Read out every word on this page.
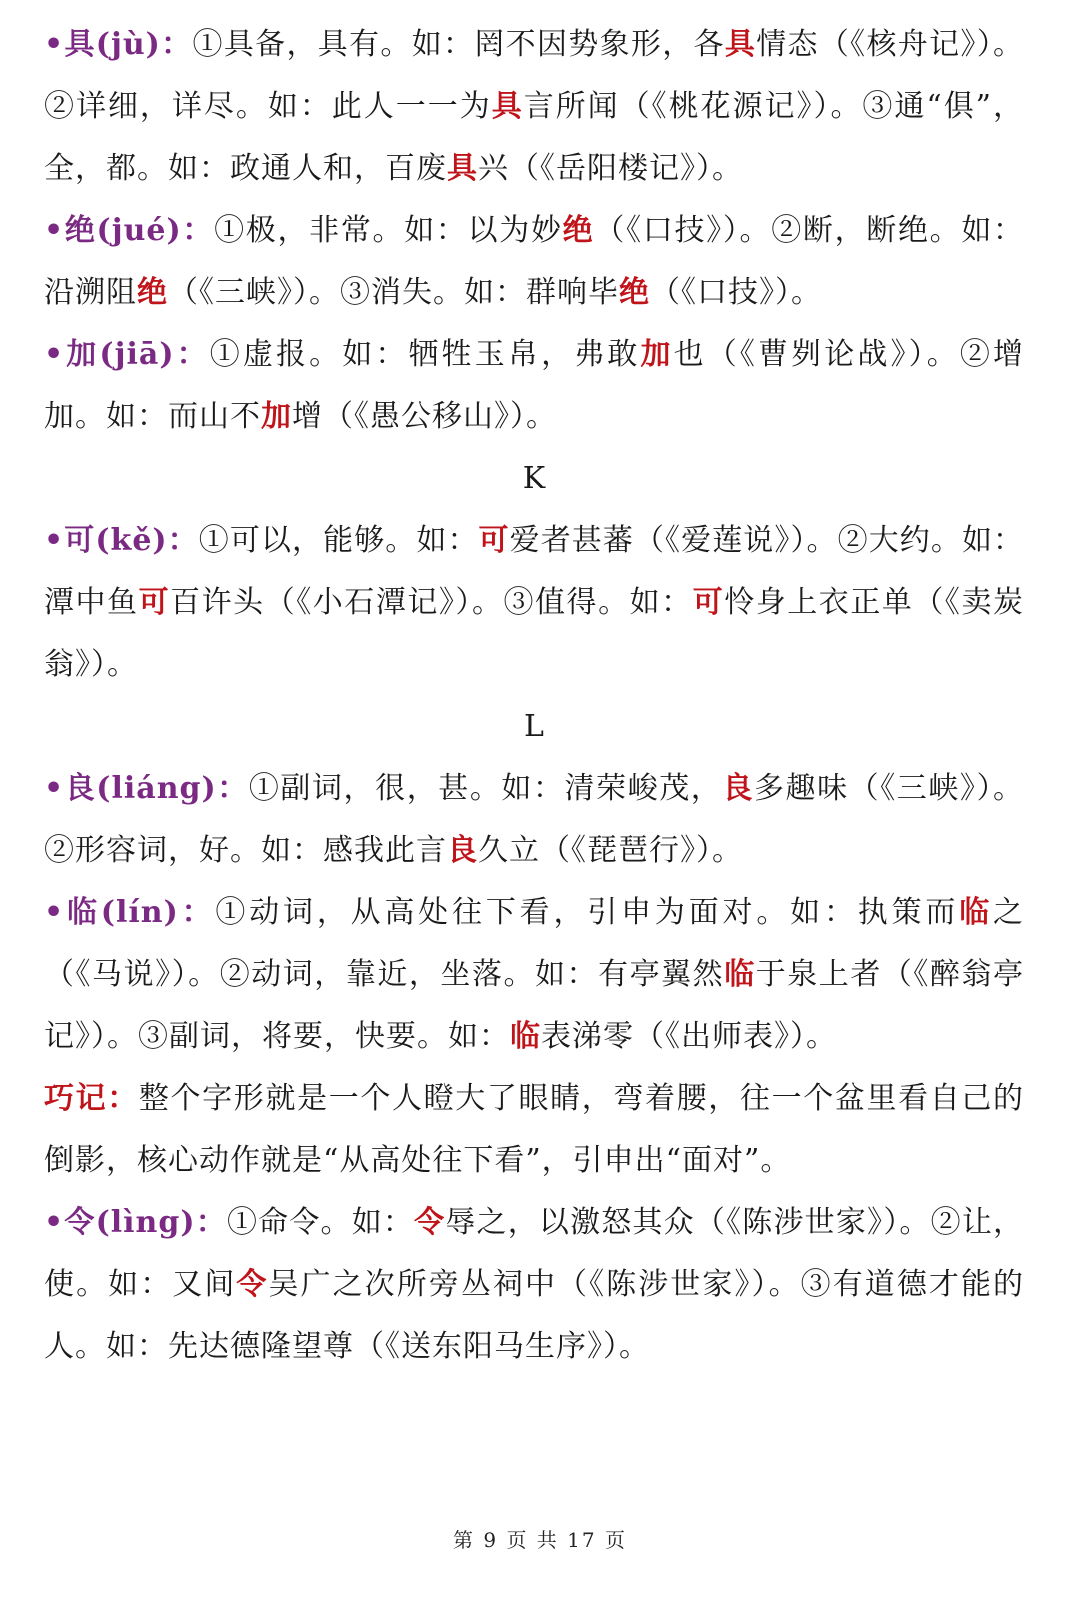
•具(jù)：①具备，具有。如：罔不因势象形，各具情态（《核舟记》）。②详细，详尽。如：此人一一为具言所闻（《桃花源记》）。③通“俱”，全，都。如：政通人和，百废具兴（《岳阳楼记》）。

•绝(jué)：①极，非常。如：以为妙绝（《口技》）。②断，断绝。如：沿溯阻绝（《三峡》）。③消失。如：群响毕绝（《口技》）。

•加(jiā)：①虚报。如：牺牲玉帛，弗敢加也（《曹刿论战》）。②增加。如：而山不加增（《愚公移山》）。

K

•可(kě)：①可以，能够。如：可爱者甚蕃（《爱莲说》）。②大约。如：潭中鱼可百许头（《小石潭记》）。③值得。如：可怜身上衣正单（《卖炭翁》）。

L

•良(liáng)：①副词，很，甚。如：清荣峻茂，良多趣味（《三峡》）。②形容词，好。如：感我此言良久立（《琵琶行》）。

•临(lín)：①动词，从高处往下看，引申为面对。如：执策而临之（《马说》）。②动词，靠近，坐落。如：有亭翼然临于泉上者（《醉翁亭记》）。③副词，将要，快要。如：临表涕零（《出师表》）。

巧记：整个字形就是一个人瞪大了眼睛，弯着腰，往一个盆里看自己的倒影，核心动作就是“从高处往下看”，引申出“面对”。

•令(lìng)：①命令。如：令辱之，以激怒其众（《陈涉世家》）。②让，使。如：又间令吴广之次所旁丛祠中（《陈涉世家》）。③有道德才能的人。如：先达德隆望尊（《送东阳马生序》）。

第 9 页 共 17 页
